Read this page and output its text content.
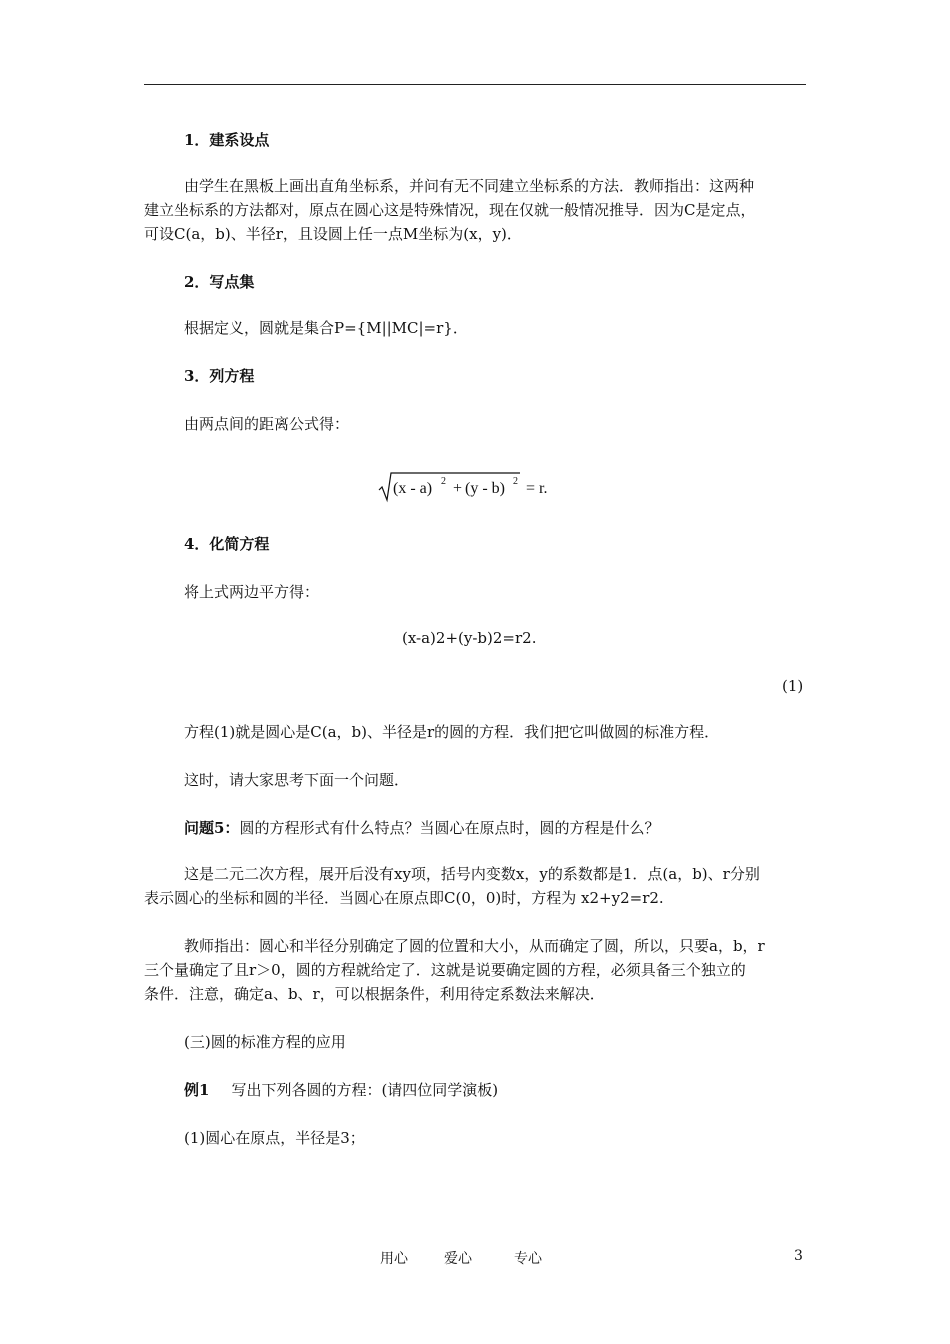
1．建系设点
由学生在黑板上画出直角坐标系，并问有无不同建立坐标系的方法．教师指出：这两种
建立坐标系的方法都对，原点在圆心这是特殊情况，现在仅就一般情况推导．因为C是定点，
可设C(a，b)、半径r，且设圆上任一点M坐标为(x，y)．
2．写点集
根据定义，圆就是集合P={M||MC|=r}．
3．列方程
由两点间的距离公式得：
(x - a) 2 + (y - b) 2 = r.
4．化简方程
将上式两边平方得：
(x-a)2+(y-b)2=r2.
(1)
方程(1)就是圆心是C(a，b)、半径是r的圆的方程．我们把它叫做圆的标准方程．
这时，请大家思考下面一个问题．
问题5：圆的方程形式有什么特点？当圆心在原点时，圆的方程是什么？
这是二元二次方程，展开后没有xy项，括号内变数x，y的系数都是1．点(a，b)、r分别
表示圆心的坐标和圆的半径．当圆心在原点即C(0，0)时，方程为 x2+y2=r2.
教师指出：圆心和半径分别确定了圆的位置和大小，从而确定了圆，所以，只要a，b，r
三个量确定了且r＞0，圆的方程就给定了．这就是说要确定圆的方程，必须具备三个独立的
条件．注意，确定a、b、r，可以根据条件，利用待定系数法来解决．
(三)圆的标准方程的应用
例1 写出下列各圆的方程：(请四位同学演板)
(1)圆心在原点，半径是3；
用心	爱心	专心	3
